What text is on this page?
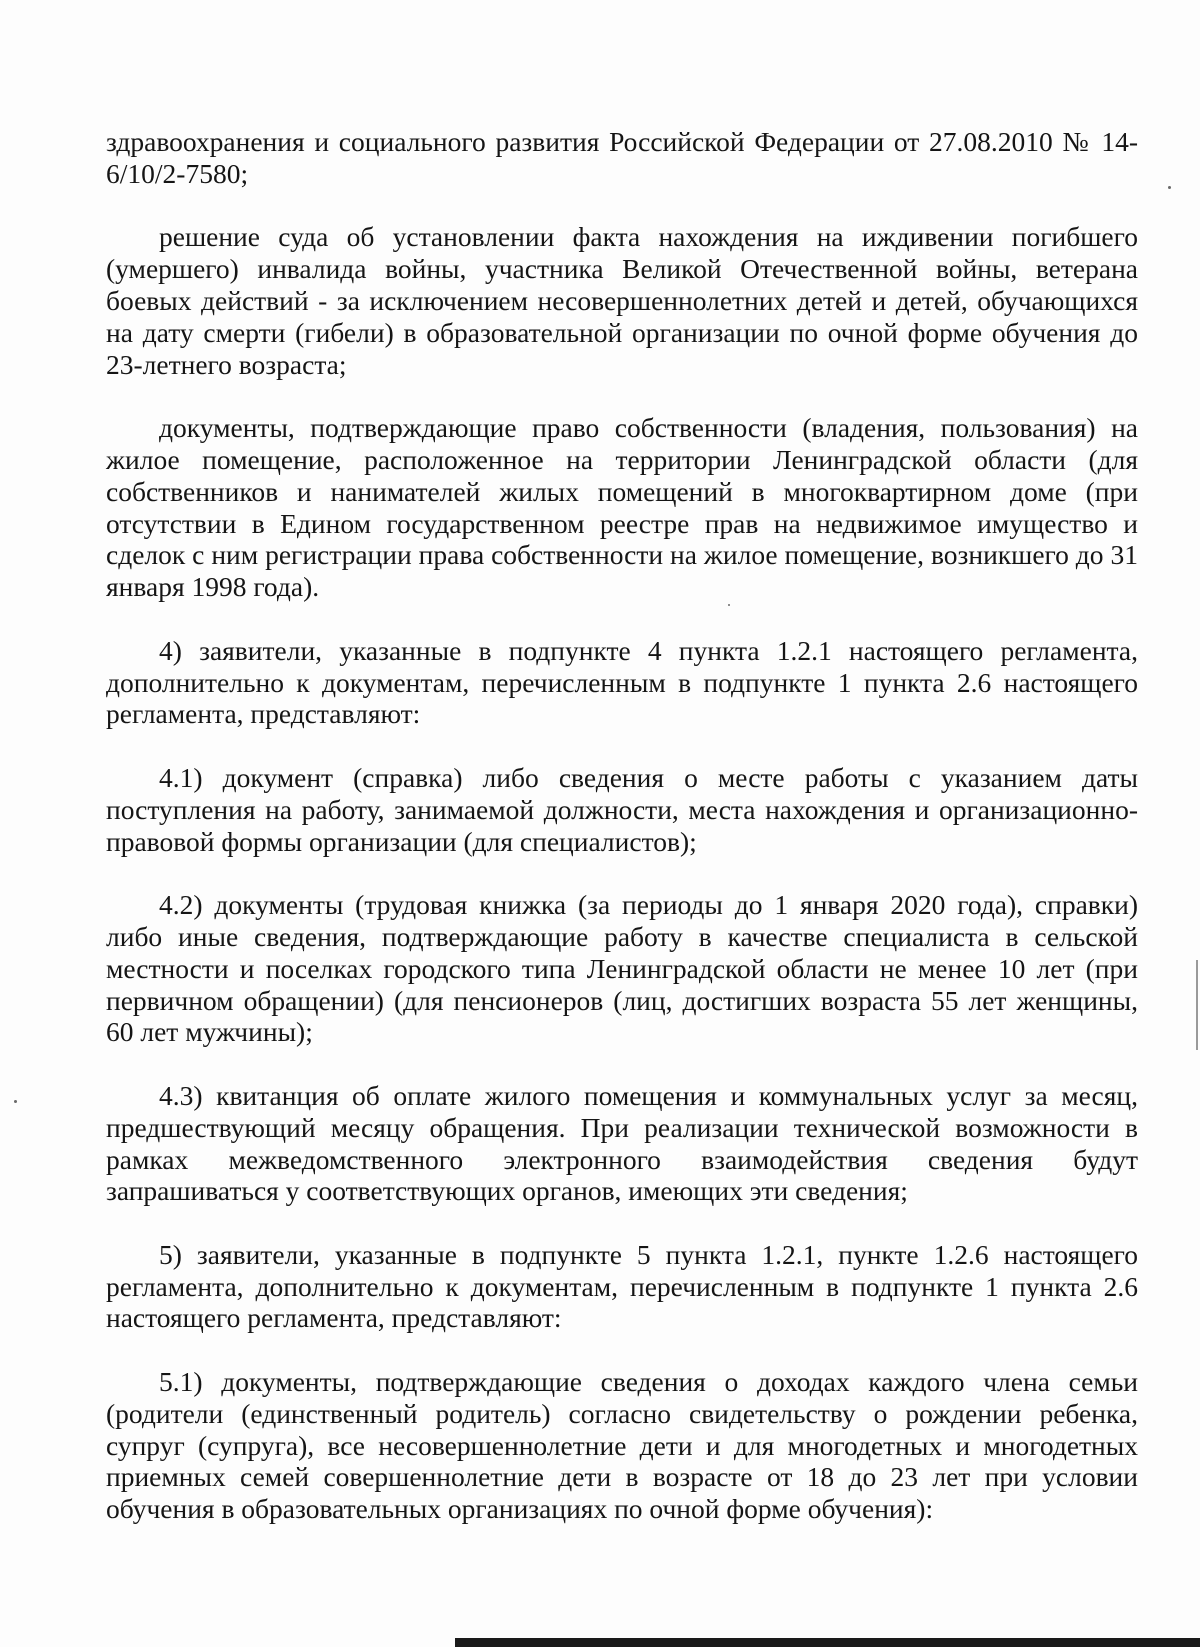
здравоохранения и социального развития Российской Федерации от 27.08.2010 № 14-6/10/2-7580;

решение суда об установлении факта нахождения на иждивении погибшего (умершего) инвалида войны, участника Великой Отечественной войны, ветерана боевых действий - за исключением несовершеннолетних детей и детей, обучающихся на дату смерти (гибели) в образовательной организации по очной форме обучения до 23-летнего возраста;

документы, подтверждающие право собственности (владения, пользования) на жилое помещение, расположенное на территории Ленинградской области (для собственников и нанимателей жилых помещений в многоквартирном доме (при отсутствии в Едином государственном реестре прав на недвижимое имущество и сделок с ним регистрации права собственности на жилое помещение, возникшего до 31 января 1998 года).

4) заявители, указанные в подпункте 4 пункта 1.2.1 настоящего регламента, дополнительно к документам, перечисленным в подпункте 1 пункта 2.6 настоящего регламента, представляют:

4.1) документ (справка) либо сведения о месте работы с указанием даты поступления на работу, занимаемой должности, места нахождения и организационно-правовой формы организации (для специалистов);

4.2) документы (трудовая книжка (за периоды до 1 января 2020 года), справки) либо иные сведения, подтверждающие работу в качестве специалиста в сельской местности и поселках городского типа Ленинградской области не менее 10 лет (при первичном обращении) (для пенсионеров (лиц, достигших возраста 55 лет женщины, 60 лет мужчины);

4.3) квитанция об оплате жилого помещения и коммунальных услуг за месяц, предшествующий месяцу обращения. При реализации технической возможности в рамках межведомственного электронного взаимодействия сведения будут запрашиваться у соответствующих органов, имеющих эти сведения;

5) заявители, указанные в подпункте 5 пункта 1.2.1, пункте 1.2.6 настоящего регламента, дополнительно к документам, перечисленным в подпункте 1 пункта 2.6 настоящего регламента, представляют:

5.1) документы, подтверждающие сведения о доходах каждого члена семьи (родители (единственный родитель) согласно свидетельству о рождении ребенка, супруг (супруга), все несовершеннолетние дети и для многодетных и многодетных приемных семей совершеннолетние дети в возрасте от 18 до 23 лет при условии обучения в образовательных организациях по очной форме обучения):
